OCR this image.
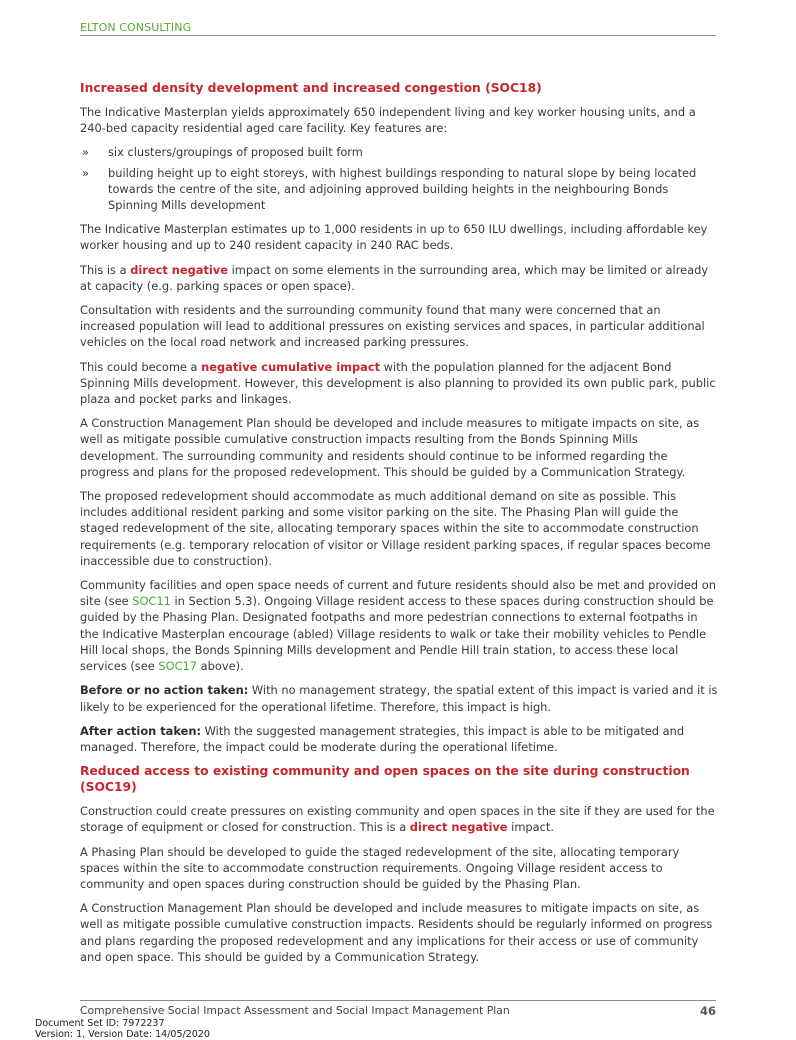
ELTON CONSULTING
Increased density development and increased congestion (SOC18)

The Indicative Masterplan yields approximately 650 independent living and key worker housing units, and a 240-bed capacity residential aged care facility. Key features are:

» six clusters/groupings of proposed built form
» building height up to eight storeys, with highest buildings responding to natural slope by being located towards the centre of the site, and adjoining approved building heights in the neighbouring Bonds Spinning Mills development

The Indicative Masterplan estimates up to 1,000 residents in up to 650 ILU dwellings, including affordable key worker housing and up to 240 resident capacity in 240 RAC beds.

This is a direct negative impact on some elements in the surrounding area, which may be limited or already at capacity (e.g. parking spaces or open space).

Consultation with residents and the surrounding community found that many were concerned that an increased population will lead to additional pressures on existing services and spaces, in particular additional vehicles on the local road network and increased parking pressures.

This could become a negative cumulative impact with the population planned for the adjacent Bond Spinning Mills development. However, this development is also planning to provided its own public park, public plaza and pocket parks and linkages.

A Construction Management Plan should be developed and include measures to mitigate impacts on site, as well as mitigate possible cumulative construction impacts resulting from the Bonds Spinning Mills development. The surrounding community and residents should continue to be informed regarding the progress and plans for the proposed redevelopment. This should be guided by a Communication Strategy.

The proposed redevelopment should accommodate as much additional demand on site as possible. This includes additional resident parking and some visitor parking on the site. The Phasing Plan will guide the staged redevelopment of the site, allocating temporary spaces within the site to accommodate construction requirements (e.g. temporary relocation of visitor or Village resident parking spaces, if regular spaces become inaccessible due to construction).

Community facilities and open space needs of current and future residents should also be met and provided on site (see SOC11 in Section 5.3). Ongoing Village resident access to these spaces during construction should be guided by the Phasing Plan. Designated footpaths and more pedestrian connections to external footpaths in the Indicative Masterplan encourage (abled) Village residents to walk or take their mobility vehicles to Pendle Hill local shops, the Bonds Spinning Mills development and Pendle Hill train station, to access these local services (see SOC17 above).

Before or no action taken: With no management strategy, the spatial extent of this impact is varied and it is likely to be experienced for the operational lifetime. Therefore, this impact is high.

After action taken: With the suggested management strategies, this impact is able to be mitigated and managed. Therefore, the impact could be moderate during the operational lifetime.

Reduced access to existing community and open spaces on the site during construction (SOC19)

Construction could create pressures on existing community and open spaces in the site if they are used for the storage of equipment or closed for construction. This is a direct negative impact.

A Phasing Plan should be developed to guide the staged redevelopment of the site, allocating temporary spaces within the site to accommodate construction requirements. Ongoing Village resident access to community and open spaces during construction should be guided by the Phasing Plan.

A Construction Management Plan should be developed and include measures to mitigate impacts on site, as well as mitigate possible cumulative construction impacts. Residents should be regularly informed on progress and plans regarding the proposed redevelopment and any implications for their access or use of community and open space. This should be guided by a Communication Strategy.

Comprehensive Social Impact Assessment and Social Impact Management Plan	46
Document Set ID: 7972237
Version: 1, Version Date: 14/05/2020
